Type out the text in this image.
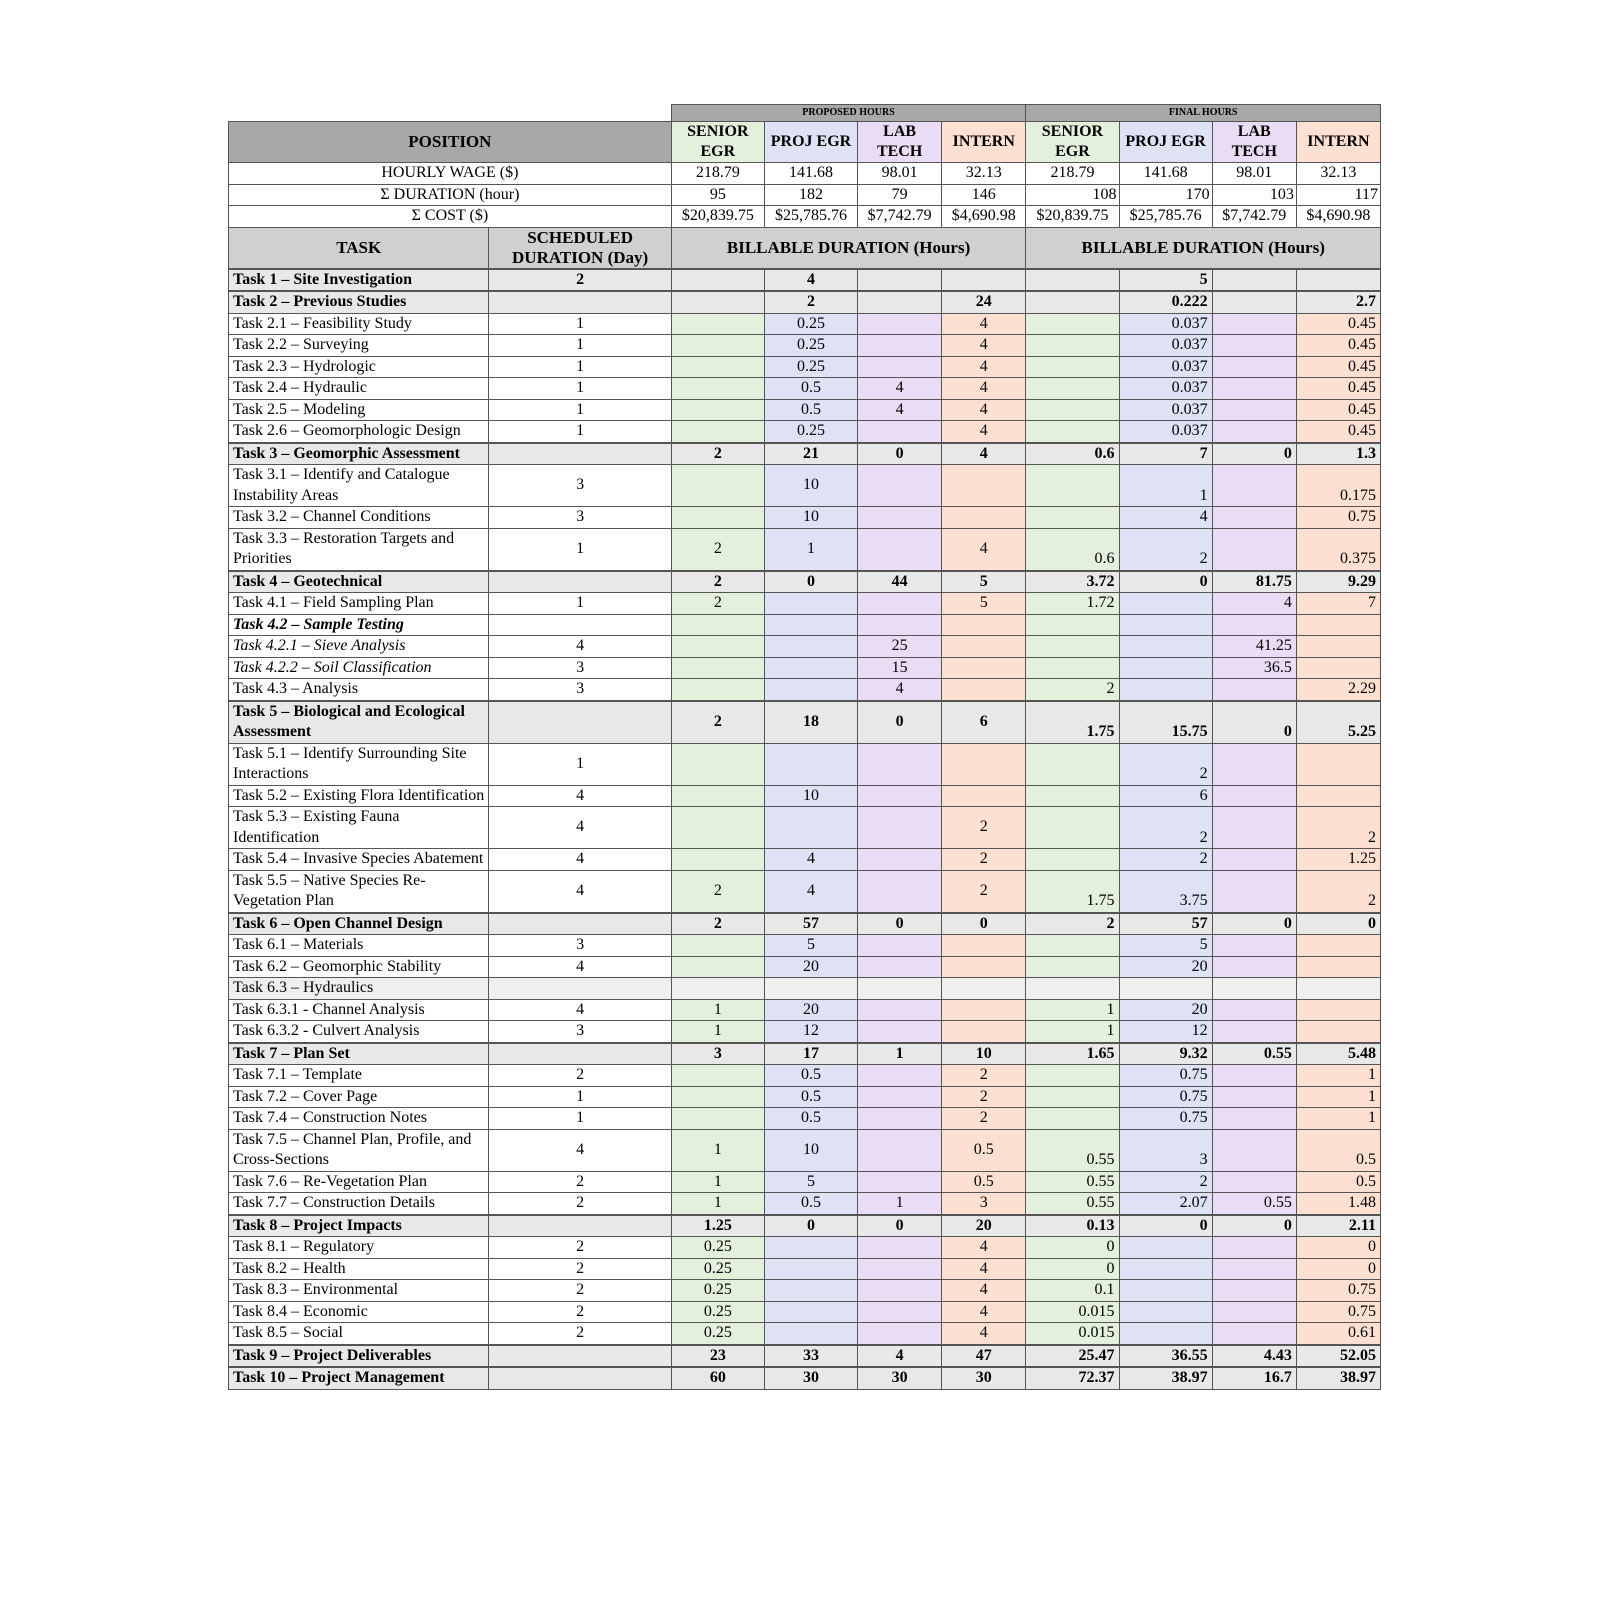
		PROPOSED HOURS				FINAL HOURS			
POSITION		SENIOR EGR	PROJ EGR	LAB TECH	INTERN	SENIOR EGR	PROJ EGR	LAB TECH	INTERN
HOURLY WAGE ($)		218.79	141.68	98.01	32.13	218.79	141.68	98.01	32.13
Σ DURATION (hour)		95	182	79	146	108	170	103	117
Σ COST ($)		$20,839.75	$25,785.76	$7,742.79	$4,690.98	$20,839.75	$25,785.76	$7,742.79	$4,690.98
TASK	SCHEDULED DURATION (Day)	BILLABLE DURATION (Hours)				BILLABLE DURATION (Hours)			
Task 1 – Site Investigation	2		4				5		
Task 2 – Previous Studies			2		24		0.222		2.7
Task 2.1 – Feasibility Study	1		0.25		4		0.037		0.45
Task 2.2 – Surveying	1		0.25		4		0.037		0.45
Task 2.3 – Hydrologic	1		0.25		4		0.037		0.45
Task 2.4 – Hydraulic	1		0.5	4	4		0.037		0.45
Task 2.5 – Modeling	1		0.5	4	4		0.037		0.45
Task 2.6 – Geomorphologic Design	1		0.25		4		0.037		0.45
Task 3 – Geomorphic Assessment		2	21	0	4	0.6	7	0	1.3
Task 3.1 – Identify and Catalogue Instability Areas	3		10				1		0.175
Task 3.2 – Channel Conditions	3		10				4		0.75
Task 3.3 – Restoration Targets and Priorities	1	2	1		4	0.6	2		0.375
Task 4 – Geotechnical		2	0	44	5	3.72	0	81.75	9.29
Task 4.1 – Field Sampling Plan	1	2			5	1.72		4	7
Task 4.2 – Sample Testing									
Task 4.2.1 – Sieve Analysis	4			25				41.25	
Task 4.2.2 – Soil Classification	3			15				36.5	
Task 4.3 – Analysis	3			4		2			2.29
Task 5 – Biological and Ecological Assessment		2	18	0	6	1.75	15.75	0	5.25
Task 5.1 – Identify Surrounding Site Interactions	1						2		
Task 5.2 – Existing Flora Identification	4		10				6		
Task 5.3 – Existing Fauna Identification	4				2		2		2
Task 5.4 – Invasive Species Abatement	4		4		2		2		1.25
Task 5.5 – Native Species Re-Vegetation Plan	4	2	4		2	1.75	3.75		2
Task 6 – Open Channel Design		2	57	0	0	2	57	0	0
Task 6.1 – Materials	3		5				5		
Task 6.2 – Geomorphic Stability	4		20				20		
Task 6.3 – Hydraulics									
Task 6.3.1 - Channel Analysis	4	1	20			1	20		
Task 6.3.2 - Culvert Analysis	3	1	12			1	12		
Task 7 – Plan Set		3	17	1	10	1.65	9.32	0.55	5.48
Task 7.1 – Template	2		0.5		2		0.75		1
Task 7.2 – Cover Page	1		0.5		2		0.75		1
Task 7.4 – Construction Notes	1		0.5		2		0.75		1
Task 7.5 – Channel Plan, Profile, and Cross-Sections	4	1	10		0.5	0.55	3		0.5
Task 7.6 – Re-Vegetation Plan	2	1	5		0.5	0.55	2		0.5
Task 7.7 – Construction Details	2	1	0.5	1	3	0.55	2.07	0.55	1.48
Task 8 – Project Impacts		1.25	0	0	20	0.13	0	0	2.11
Task 8.1 – Regulatory	2	0.25			4	0			0
Task 8.2 – Health	2	0.25			4	0			0
Task 8.3 – Environmental	2	0.25			4	0.1			0.75
Task 8.4 – Economic	2	0.25			4	0.015			0.75
Task 8.5 – Social	2	0.25			4	0.015			0.61
Task 9 – Project Deliverables		23	33	4	47	25.47	36.55	4.43	52.05
Task 10 – Project Management		60	30	30	30	72.37	38.97	16.7	38.97
